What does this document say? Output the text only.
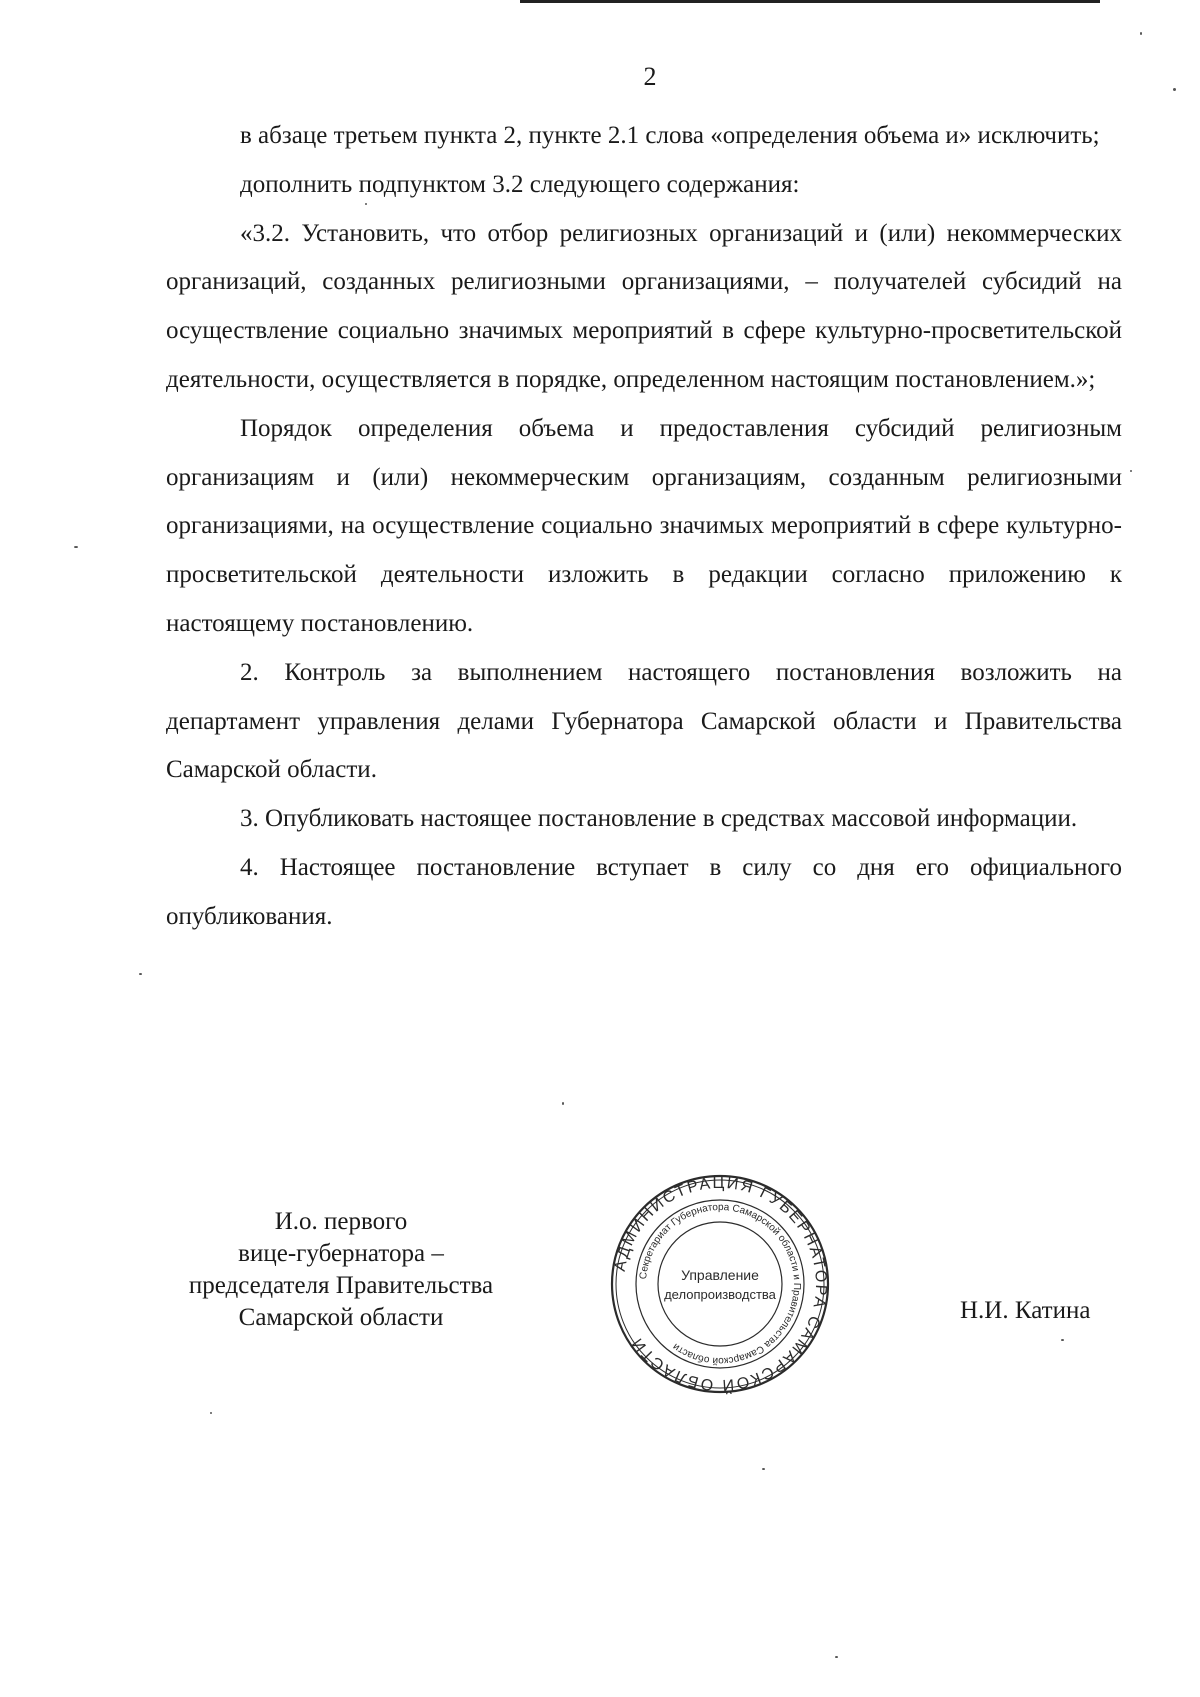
2

в абзаце третьем пункта 2, пункте 2.1 слова «определения объема и» исключить;

дополнить подпунктом 3.2 следующего содержания:

«3.2. Установить, что отбор религиозных организаций и (или) некоммерческих организаций, созданных религиозными организациями, – получателей субсидий на осуществление социально значимых мероприятий в сфере культурно-просветительской деятельности, осуществляется в порядке, определенном настоящим постановлением.»;

Порядок определения объема и предоставления субсидий религиозным организациям и (или) некоммерческим организациям, созданным религиозными организациями, на осуществление социально значимых мероприятий в сфере культурно-просветительской деятельности изложить в редакции согласно приложению к настоящему постановлению.

2. Контроль за выполнением настоящего постановления возложить на департамент управления делами Губернатора Самарской области и Правительства Самарской области.

3. Опубликовать настоящее постановление в средствах массовой информации.

4. Настоящее постановление вступает в силу со дня его официального опубликования.

И.о. первого
вице-губернатора –
председателя Правительства
Самарской области
АДМИНИСТРАЦИЯ ГУБЕРНАТОРА САМАРСКОЙ ОБЛАСТИ
Секретариат Губернатора Самарской области и Правительства Самарской области
Управление
делопроизводства
Н.И. Катина
